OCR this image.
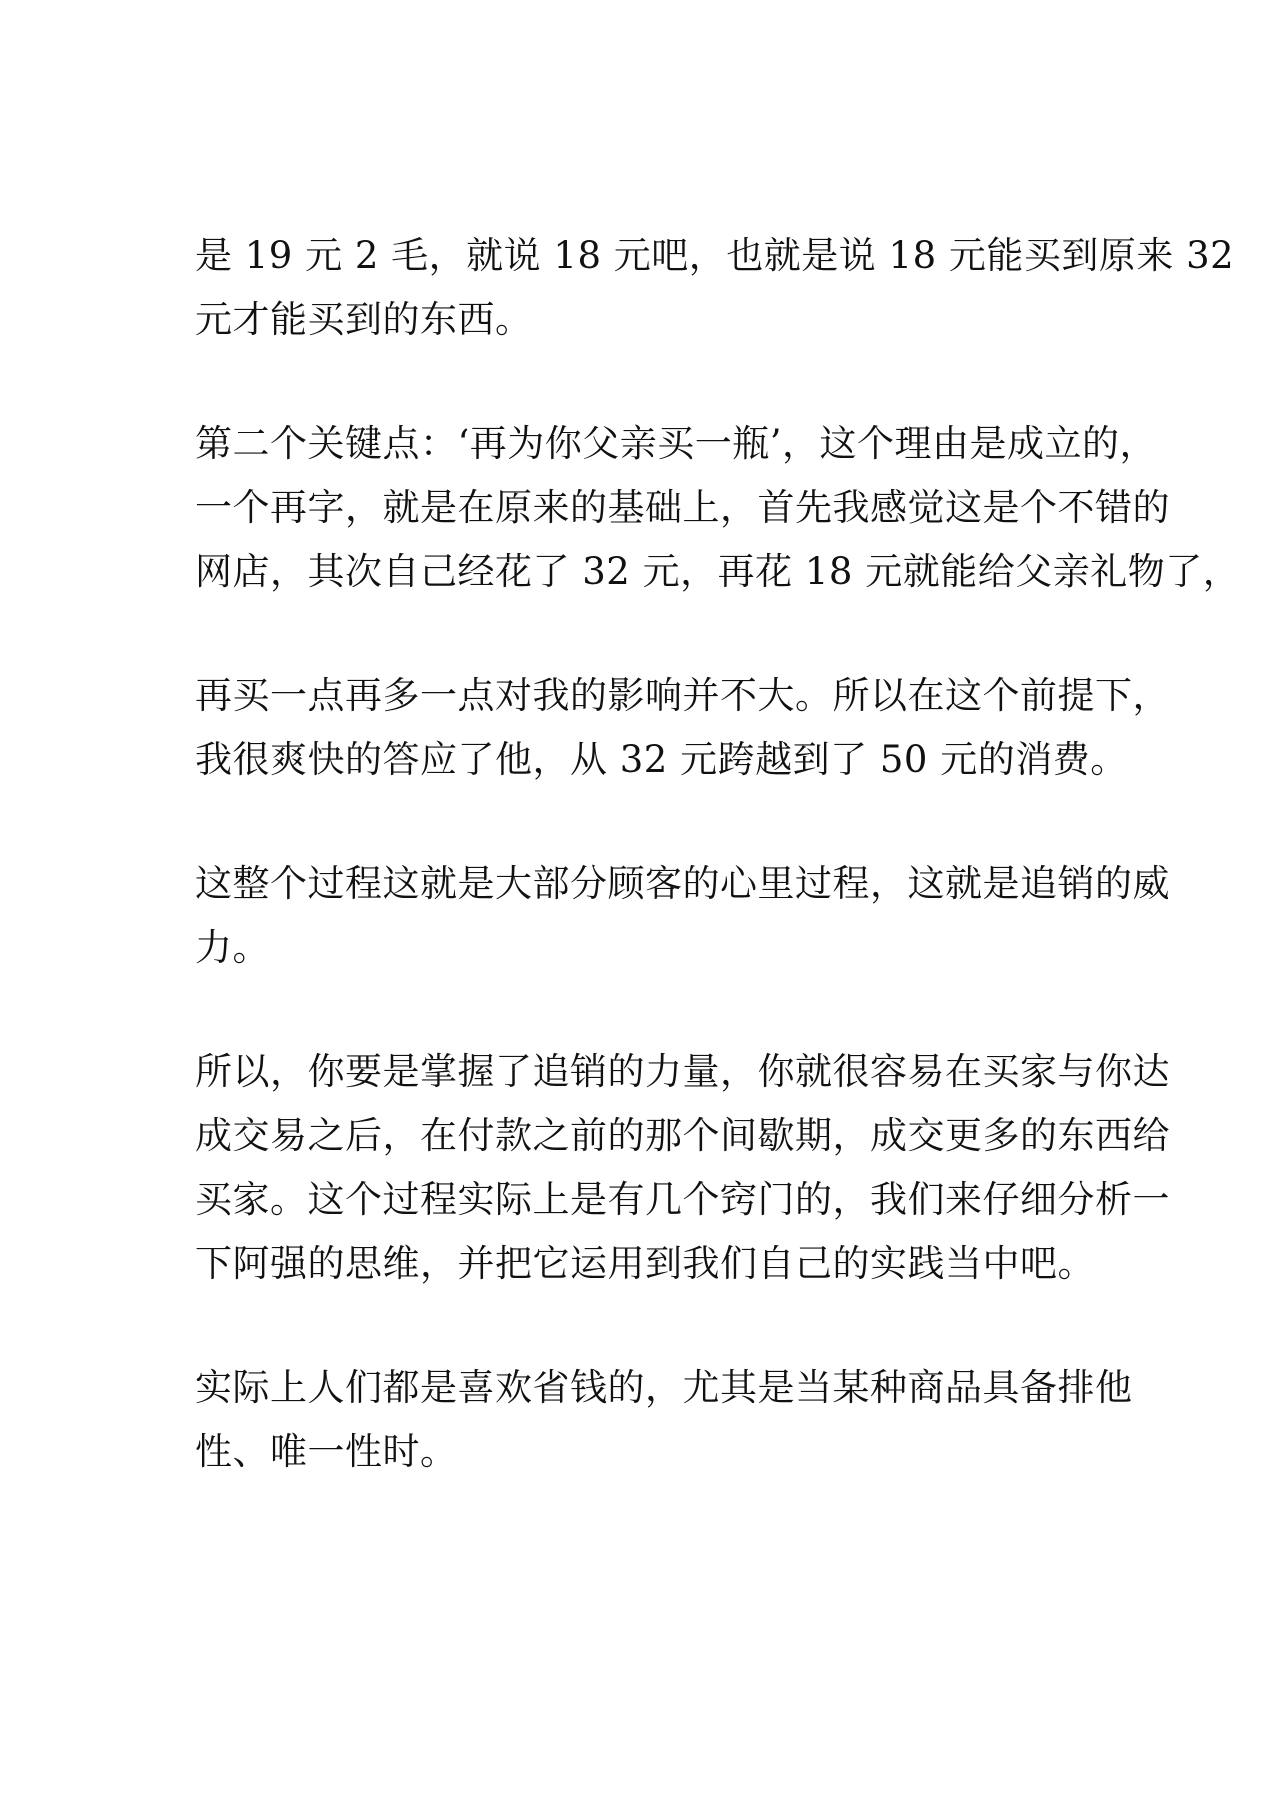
是 19 元 2 毛，就说 18 元吧，也就是说 18 元能买到原来 32
元才能买到的东西。
第二个关键点：‘再为你父亲买一瓶’，这个理由是成立的，
一个再字，就是在原来的基础上，首先我感觉这是个不错的
网店，其次自己经花了 32 元，再花 18 元就能给父亲礼物了，
再买一点再多一点对我的影响并不大。所以在这个前提下，
我很爽快的答应了他，从 32 元跨越到了 50 元的消费。
这整个过程这就是大部分顾客的心里过程，这就是追销的威
力。
所以，你要是掌握了追销的力量，你就很容易在买家与你达
成交易之后，在付款之前的那个间歇期，成交更多的东西给
买家。这个过程实际上是有几个窍门的，我们来仔细分析一
下阿强的思维，并把它运用到我们自己的实践当中吧。
实际上人们都是喜欢省钱的，尤其是当某种商品具备排他
性、唯一性时。
